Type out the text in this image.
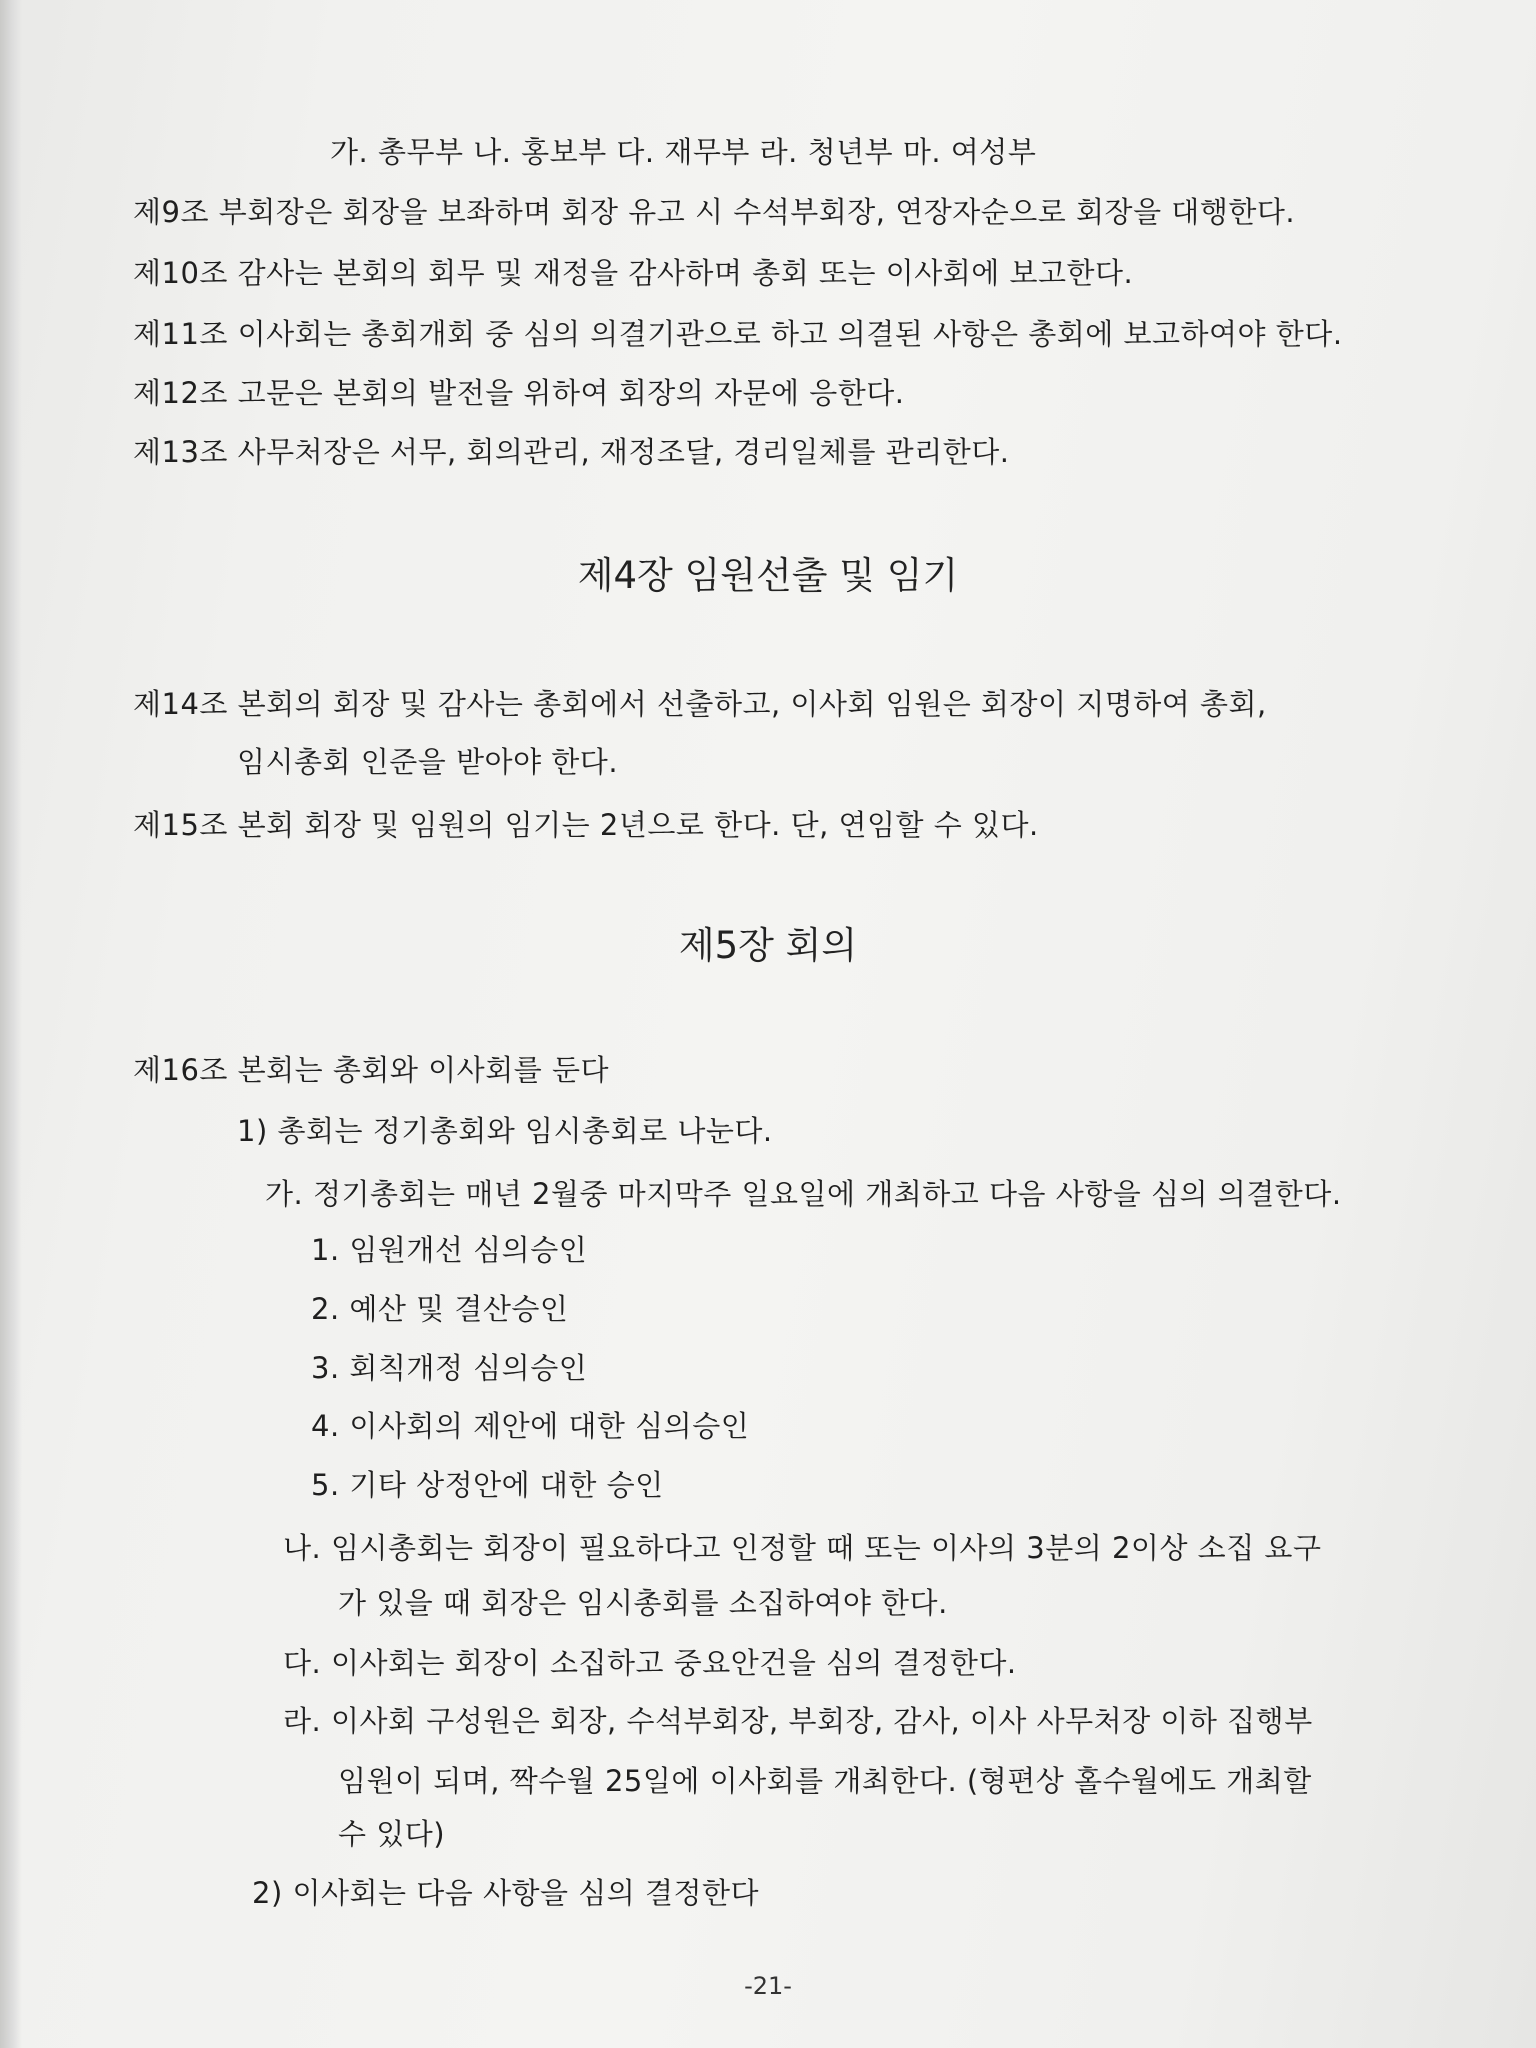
가. 총무부 나. 홍보부 다. 재무부 라. 청년부 마. 여성부
제9조 부회장은 회장을 보좌하며 회장 유고 시 수석부회장, 연장자순으로 회장을 대행한다.
제10조 감사는 본회의 회무 및 재정을 감사하며 총회 또는 이사회에 보고한다.
제11조 이사회는 총회개회 중 심의 의결기관으로 하고 의결된 사항은 총회에 보고하여야 한다.
제12조 고문은 본회의 발전을 위하여 회장의 자문에 응한다.
제13조 사무처장은 서무, 회의관리, 재정조달, 경리일체를 관리한다.
제4장 임원선출 및 임기
제14조 본회의 회장 및 감사는 총회에서 선출하고, 이사회 임원은 회장이 지명하여 총회,
임시총회 인준을 받아야 한다.
제15조 본회 회장 및 임원의 임기는 2년으로 한다. 단, 연임할 수 있다.
제5장 회의
제16조 본회는 총회와 이사회를 둔다
1) 총회는 정기총회와 임시총회로 나눈다.
가. 정기총회는 매년 2월중 마지막주 일요일에 개최하고 다음 사항을 심의 의결한다.
1. 임원개선 심의승인
2. 예산 및 결산승인
3. 회칙개정 심의승인
4. 이사회의 제안에 대한 심의승인
5. 기타 상정안에 대한 승인
나. 임시총회는 회장이 필요하다고 인정할 때 또는 이사의 3분의 2이상 소집 요구
가 있을 때 회장은 임시총회를 소집하여야 한다.
다. 이사회는 회장이 소집하고 중요안건을 심의 결정한다.
라. 이사회 구성원은 회장, 수석부회장, 부회장, 감사, 이사 사무처장 이하 집행부
임원이 되며, 짝수월 25일에 이사회를 개최한다. (형편상 홀수월에도 개최할
수 있다)
2) 이사회는 다음 사항을 심의 결정한다
-21-
